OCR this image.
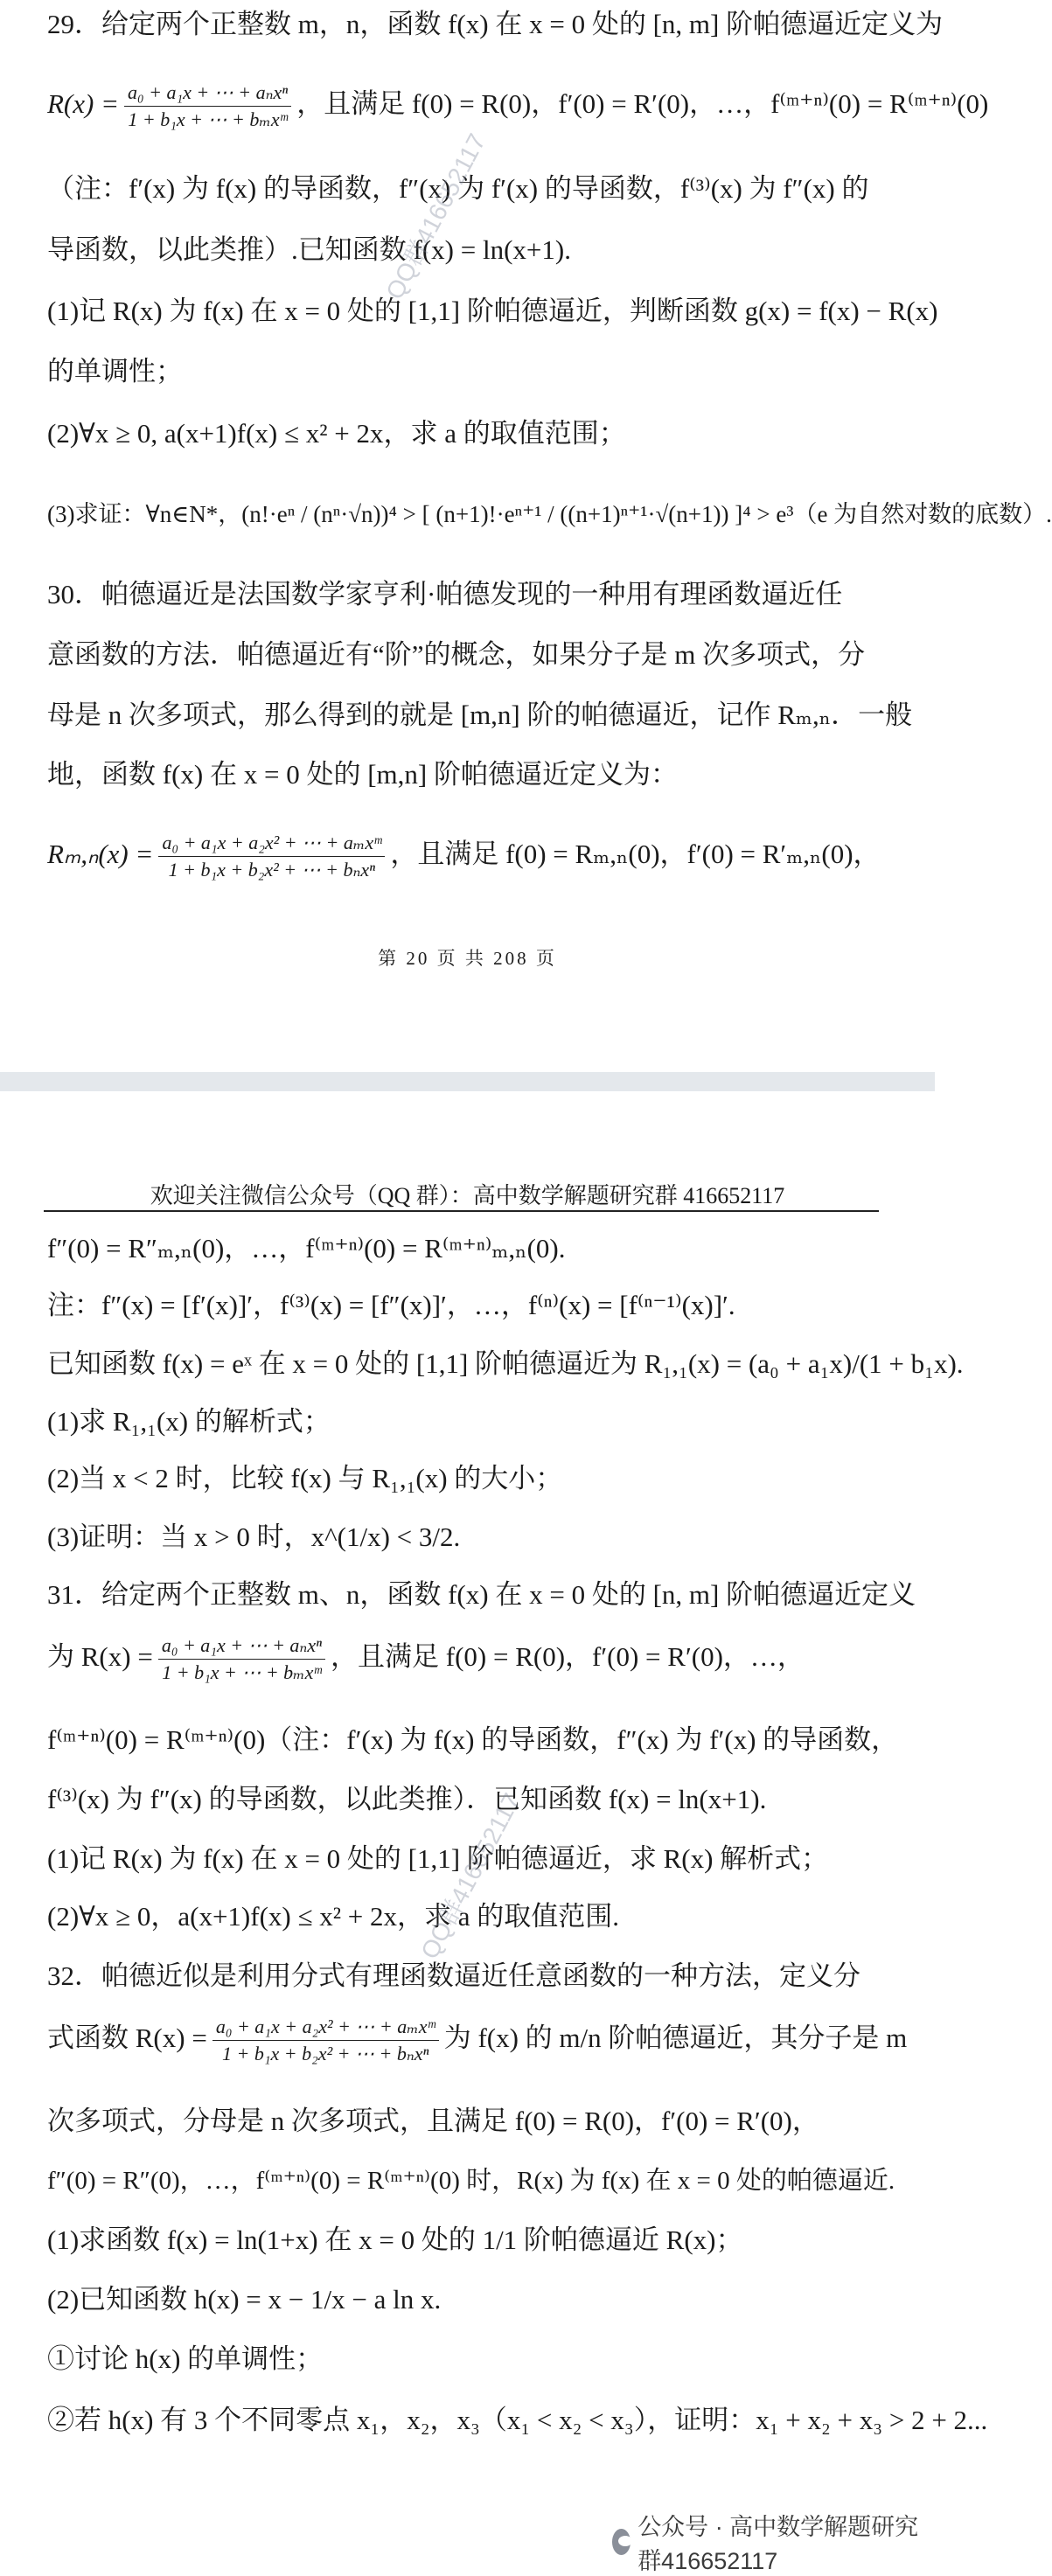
29．给定两个正整数 m，n，函数 f(x) 在 x = 0 处的 [n, m] 阶帕德逼近定义为
$R(x) = \frac{\text{a₀ + a₁x + ⋯ + aₙxⁿ}}{\text{1 + b₁x + ⋯ + bₘxᵐ}}$ ，且满足 f(0) = R(0)，f′(0) = R′(0)，…，f⁽ᵐ⁺ⁿ⁾(0) = R⁽ᵐ⁺ⁿ⁾(0)
（注：f′(x) 为 f(x) 的导函数，f″(x) 为 f′(x) 的导函数，f⁽³⁾(x) 为 f″(x) 的
导函数，以此类推）.已知函数 f(x) = ln(x+1).
(1)记 R(x) 为 f(x) 在 x = 0 处的 [1,1] 阶帕德逼近，判断函数 g(x) = f(x) − R(x)
的单调性；
(2)∀x ≥ 0, a(x+1)f(x) ≤ x² + 2x，求 a 的取值范围；
(3)求证：∀n∈N*，(n!·eⁿ / (nⁿ·√n))⁴ > [ (n+1)!·eⁿ⁺¹ / ((n+1)ⁿ⁺¹·√(n+1)) ]⁴ > e³（e 为自然对数的底数）.
30．帕德逼近是法国数学家亨利·帕德发现的一种用有理函数逼近任
意函数的方法．帕德逼近有“阶”的概念，如果分子是 m 次多项式，分
母是 n 次多项式，那么得到的就是 [m,n] 阶的帕德逼近，记作 Rₘ,ₙ．一般
地，函数 f(x) 在 x = 0 处的 [m,n] 阶帕德逼近定义为：
$R_m,_n(x) = \frac{\text{a₀ + a₁x + a₂x² + ⋯ + aₘxᵐ}}{\text{1 + b₁x + b₂x² + ⋯ + bₙxⁿ}}$ ，且满足 f(0) = Rₘ,ₙ(0)，f′(0) = R′ₘ,ₙ(0)，
QQ群416652117
第 20 页 共 208 页
欢迎关注微信公众号（QQ 群）：高中数学解题研究群 416652117
f″(0) = R″ₘ,ₙ(0)，…，f⁽ᵐ⁺ⁿ⁾(0) = R⁽ᵐ⁺ⁿ⁾ₘ,ₙ(0).
注：f″(x) = [f′(x)]′，f⁽³⁾(x) = [f″(x)]′，…，f⁽ⁿ⁾(x) = [f⁽ⁿ⁻¹⁾(x)]′.
已知函数 f(x) = eˣ 在 x = 0 处的 [1,1] 阶帕德逼近为 R₁,₁(x) = (a₀ + a₁x)/(1 + b₁x).
(1)求 R₁,₁(x) 的解析式；
(2)当 x < 2 时，比较 f(x) 与 R₁,₁(x) 的大小；
(3)证明：当 x > 0 时，x^(1/x) < 3/2.
31．给定两个正整数 m、n，函数 f(x) 在 x = 0 处的 [n, m] 阶帕德逼近定义
为 $R(x) = \frac{\text{a₀ + a₁x + ⋯ + aₙxⁿ}}{\text{1 + b₁x + ⋯ + bₘxᵐ}}$ ，且满足 f(0) = R(0)，f′(0) = R′(0)，…，
f⁽ᵐ⁺ⁿ⁾(0) = R⁽ᵐ⁺ⁿ⁾(0)（注：f′(x) 为 f(x) 的导函数，f″(x) 为 f′(x) 的导函数，
f⁽³⁾(x) 为 f″(x) 的导函数，以此类推）．已知函数 f(x) = ln(x+1).
(1)记 R(x) 为 f(x) 在 x = 0 处的 [1,1] 阶帕德逼近，求 R(x) 解析式；
(2)∀x ≥ 0，a(x+1)f(x) ≤ x² + 2x，求 a 的取值范围.
32．帕德近似是利用分式有理函数逼近任意函数的一种方法，定义分
式函数 $R(x) = \frac{\text{a₀ + a₁x + a₂x² + ⋯ + aₘxᵐ}}{\text{1 + b₁x + b₂x² + ⋯ + bₙxⁿ}}$ 为 f(x) 的 m/n 阶帕德逼近，其分子是 m
次多项式，分母是 n 次多项式，且满足 f(0) = R(0)，f′(0) = R′(0)，
f″(0) = R″(0)，…，f⁽ᵐ⁺ⁿ⁾(0) = R⁽ᵐ⁺ⁿ⁾(0) 时，R(x) 为 f(x) 在 x = 0 处的帕德逼近.
(1)求函数 f(x) = ln(1+x) 在 x = 0 处的 1/1 阶帕德逼近 R(x)；
(2)已知函数 h(x) = x − 1/x − a ln x.
①讨论 h(x) 的单调性；
②若 h(x) 有 3 个不同零点 x₁，x₂，x₃（x₁ < x₂ < x₃），证明：x₁ + x₂ + x₃ > 2 + 2...
QQ群416652117
公众号 · 高中数学解题研究群416652117
